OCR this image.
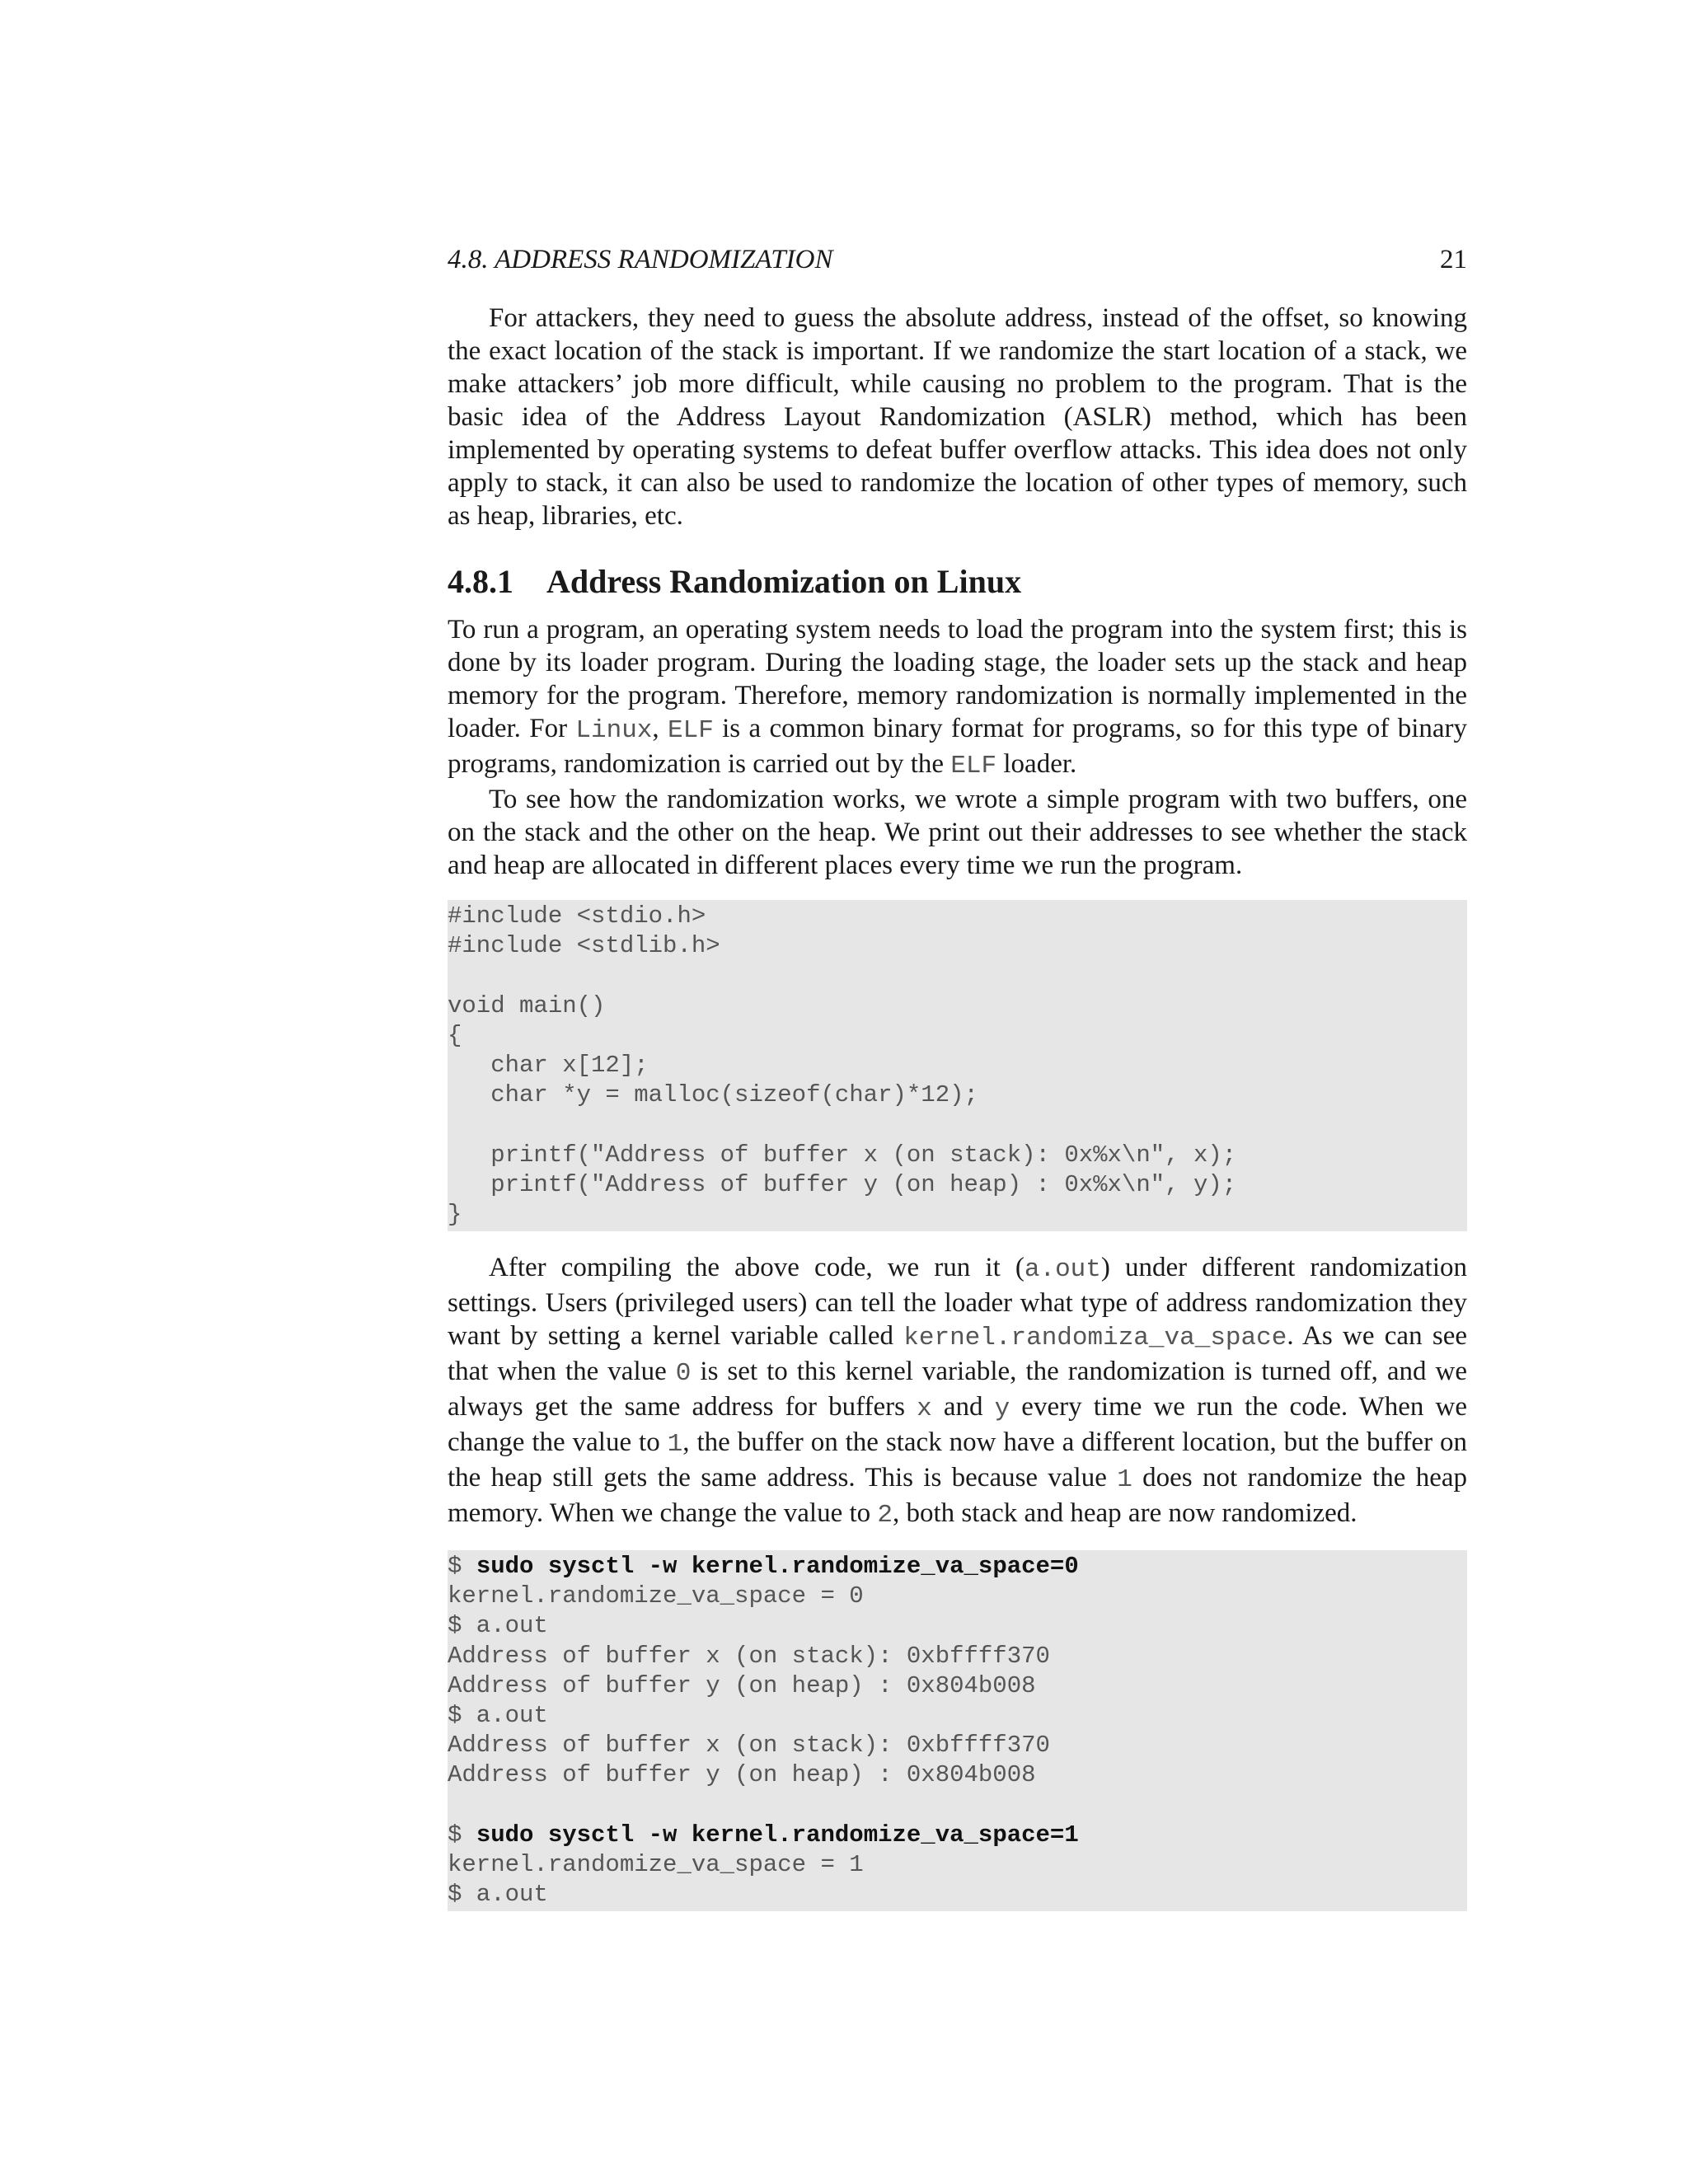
4.8. ADDRESS RANDOMIZATION	21

For attackers, they need to guess the absolute address, instead of the offset, so knowing the exact location of the stack is important. If we randomize the start location of a stack, we make attackers’ job more difficult, while causing no problem to the program. That is the basic idea of the Address Layout Randomization (ASLR) method, which has been implemented by operating systems to defeat buffer overflow attacks. This idea does not only apply to stack, it can also be used to randomize the location of other types of memory, such as heap, libraries, etc.

4.8.1	Address Randomization on Linux

To run a program, an operating system needs to load the program into the system first; this is done by its loader program. During the loading stage, the loader sets up the stack and heap memory for the program. Therefore, memory randomization is normally implemented in the loader. For Linux, ELF is a common binary format for programs, so for this type of binary programs, randomization is carried out by the ELF loader.

To see how the randomization works, we wrote a simple program with two buffers, one on the stack and the other on the heap. We print out their addresses to see whether the stack and heap are allocated in different places every time we run the program.

#include <stdio.h>
#include <stdlib.h>
void main()
{
char x[12];
char *y = malloc(sizeof(char)*12);
printf("Address of buffer x (on stack): 0x%x\n", x);
printf("Address of buffer y (on heap) : 0x%x\n", y);
}

After compiling the above code, we run it (a.out) under different randomization settings. Users (privileged users) can tell the loader what type of address randomization they want by setting a kernel variable called kernel.randomiza_va_space. As we can see that when the value 0 is set to this kernel variable, the randomization is turned off, and we always get the same address for buffers x and y every time we run the code. When we change the value to 1, the buffer on the stack now have a different location, but the buffer on the heap still gets the same address. This is because value 1 does not randomize the heap memory. When we change the value to 2, both stack and heap are now randomized.

$ sudo sysctl -w kernel.randomize_va_space=0
kernel.randomize_va_space = 0
$ a.out
Address of buffer x (on stack): 0xbffff370
Address of buffer y (on heap) : 0x804b008
$ a.out
Address of buffer x (on stack): 0xbffff370
Address of buffer y (on heap) : 0x804b008
$ sudo sysctl -w kernel.randomize_va_space=1
kernel.randomize_va_space = 1
$ a.out
